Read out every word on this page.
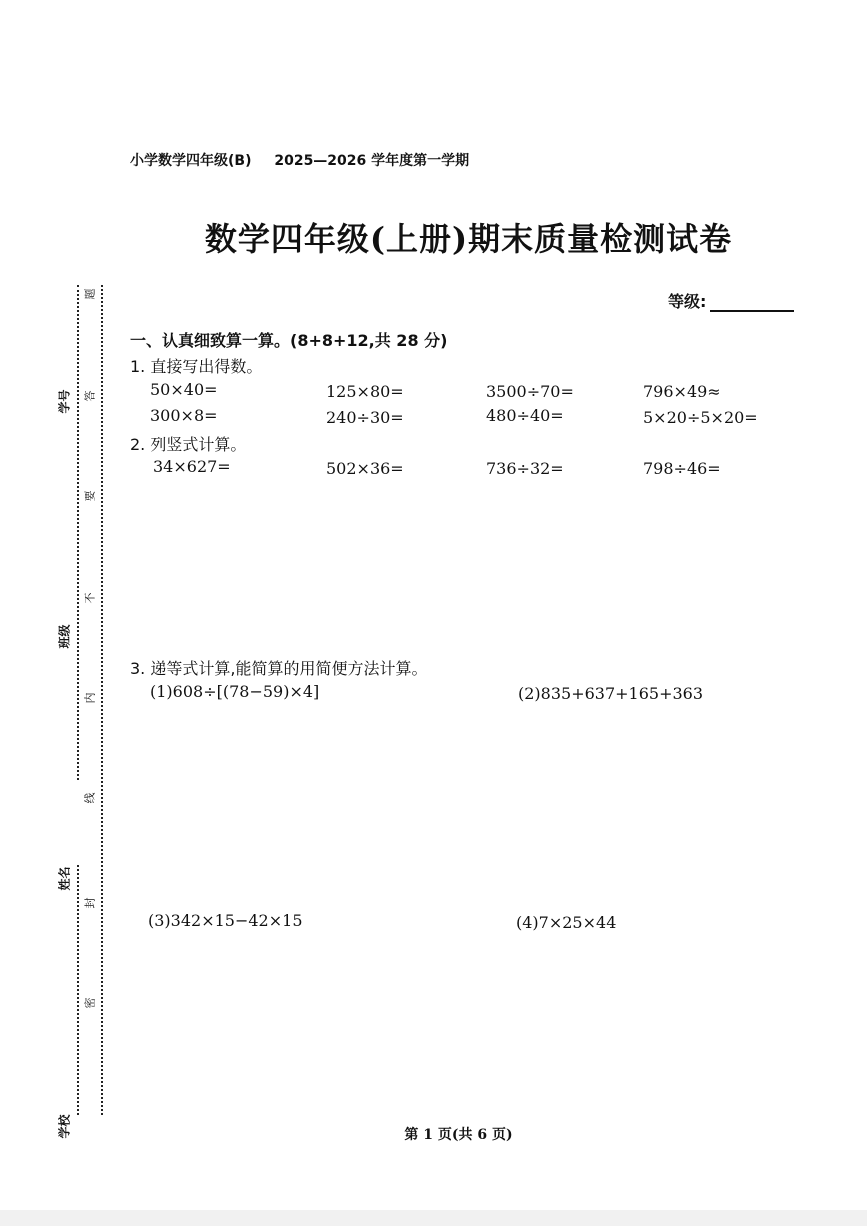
学号
班级
姓名
学校
题
答
要
不
内
线
封
密
小学数学四年级(B) 2025—2026 学年度第一学期
数学四年级(上册)期末质量检测试卷
等级:
一、认真细致算一算。(8+8+12,共 28 分)
1. 直接写出得数。
50×40=	125×80=	3500÷70=	796×49≈
300×8=	240÷30=	480÷40=	5×20÷5×20=
2. 列竖式计算。
34×627=	502×36=	736÷32=	798÷46=
3. 递等式计算,能简算的用简便方法计算。
(1)608÷[(78−59)×4]	(2)835+637+165+363
(3)342×15−42×15	(4)7×25×44
第 1 页(共 6 页)
